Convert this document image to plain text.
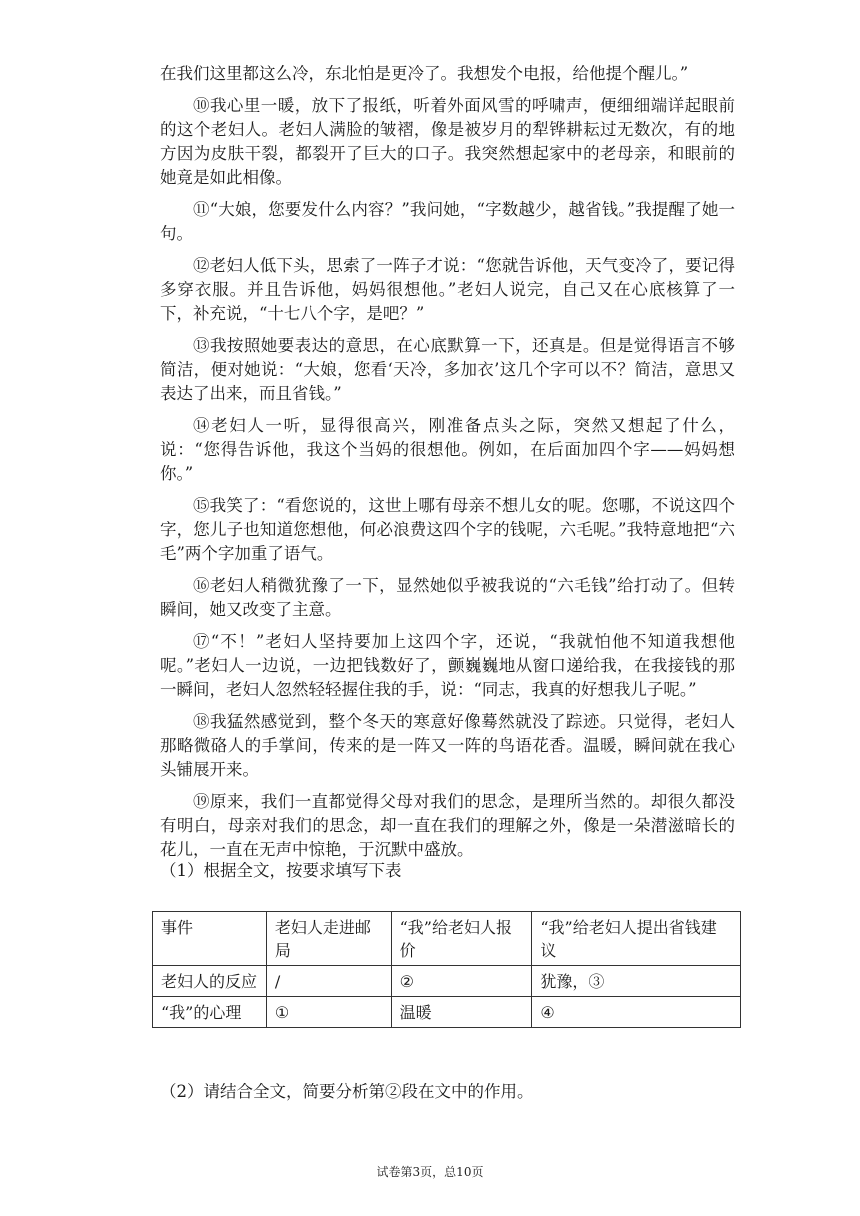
在我们这里都这么冷，东北怕是更冷了。我想发个电报，给他提个醒儿。”

⑩我心里一暖，放下了报纸，听着外面风雪的呼啸声，便细细端详起眼前的这个老妇人。老妇人满脸的皱褶，像是被岁月的犁铧耕耘过无数次，有的地方因为皮肤干裂，都裂开了巨大的口子。我突然想起家中的老母亲，和眼前的她竟是如此相像。

⑪“大娘，您要发什么内容？”我问她，“字数越少，越省钱。”我提醒了她一句。

⑫老妇人低下头，思索了一阵子才说：“您就告诉他，天气变冷了，要记得多穿衣服。并且告诉他，妈妈很想他。”老妇人说完，自己又在心底核算了一下，补充说，“十七八个字，是吧？”

⑬我按照她要表达的意思，在心底默算一下，还真是。但是觉得语言不够简洁，便对她说：“大娘，您看‘天冷，多加衣’这几个字可以不？简洁，意思又表达了出来，而且省钱。”

⑭老妇人一听，显得很高兴，刚准备点头之际，突然又想起了什么，说：“您得告诉他，我这个当妈的很想他。例如，在后面加四个字——妈妈想你。”

⑮我笑了：“看您说的，这世上哪有母亲不想儿女的呢。您哪，不说这四个字，您儿子也知道您想他，何必浪费这四个字的钱呢，六毛呢。”我特意地把“六毛”两个字加重了语气。

⑯老妇人稍微犹豫了一下，显然她似乎被我说的“六毛钱”给打动了。但转瞬间，她又改变了主意。

⑰“不！”老妇人坚持要加上这四个字，还说，“我就怕他不知道我想他呢。”老妇人一边说，一边把钱数好了，颤巍巍地从窗口递给我，在我接钱的那一瞬间，老妇人忽然轻轻握住我的手，说：“同志，我真的好想我儿子呢。”

⑱我猛然感觉到，整个冬天的寒意好像蓦然就没了踪迹。只觉得，老妇人那略微硌人的手掌间，传来的是一阵又一阵的鸟语花香。温暖，瞬间就在我心头铺展开来。

⑲原来，我们一直都觉得父母对我们的思念，是理所当然的。却很久都没有明白，母亲对我们的思念，却一直在我们的理解之外，像是一朵潜滋暗长的花儿，一直在无声中惊艳，于沉默中盛放。

（1）根据全文，按要求填写下表

事件	老妇人走进邮局	“我”给老妇人报价	“我”给老妇人提出省钱建议
老妇人的反应	/	②	犹豫，③
“我”的心理	①	温暖	④

（2）请结合全文，简要分析第②段在文中的作用。

试卷第3页，总10页
